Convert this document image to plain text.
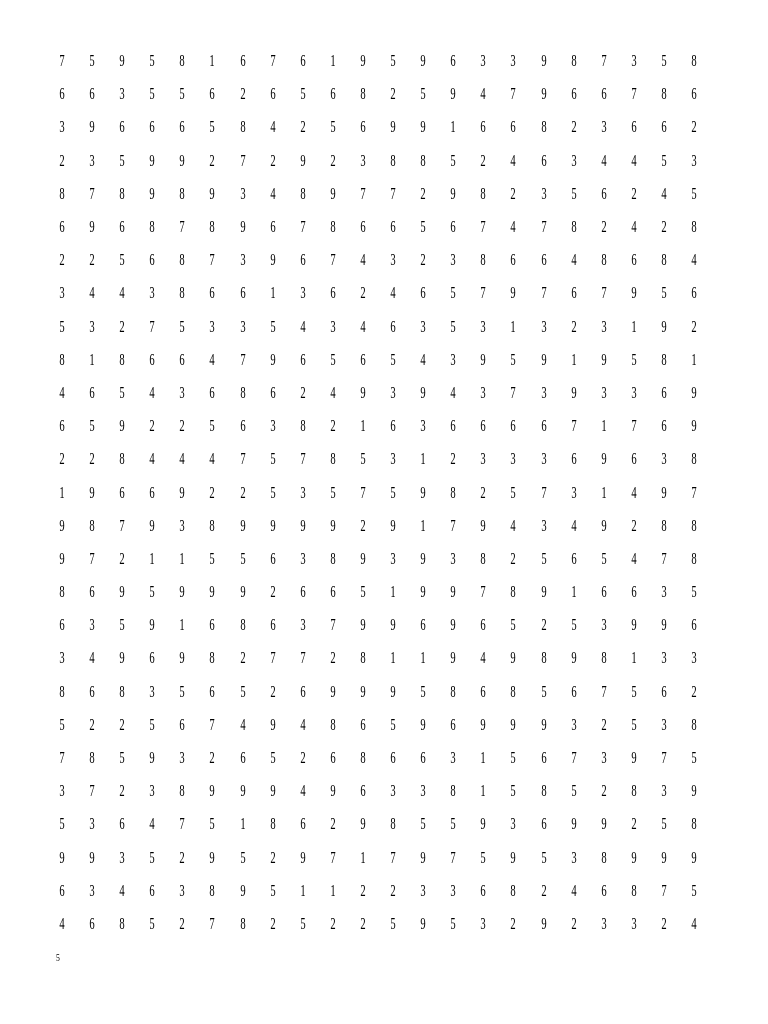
7	5	9	5	8	1	6	7	6	1	9	5	9	6	3	3	9	8	7	3	5	8
6	6	3	5	5	6	2	6	5	6	8	2	5	9	4	7	9	6	6	7	8	6
3	9	6	6	6	5	8	4	2	5	6	9	9	1	6	6	8	2	3	6	6	2
2	3	5	9	9	2	7	2	9	2	3	8	8	5	2	4	6	3	4	4	5	3
8	7	8	9	8	9	3	4	8	9	7	7	2	9	8	2	3	5	6	2	4	5
6	9	6	8	7	8	9	6	7	8	6	6	5	6	7	4	7	8	2	4	2	8
2	2	5	6	8	7	3	9	6	7	4	3	2	3	8	6	6	4	8	6	8	4
3	4	4	3	8	6	6	1	3	6	2	4	6	5	7	9	7	6	7	9	5	6
5	3	2	7	5	3	3	5	4	3	4	6	3	5	3	1	3	2	3	1	9	2
8	1	8	6	6	4	7	9	6	5	6	5	4	3	9	5	9	1	9	5	8	1
4	6	5	4	3	6	8	6	2	4	9	3	9	4	3	7	3	9	3	3	6	9
6	5	9	2	2	5	6	3	8	2	1	6	3	6	6	6	6	7	1	7	6	9
2	2	8	4	4	4	7	5	7	8	5	3	1	2	3	3	3	6	9	6	3	8
1	9	6	6	9	2	2	5	3	5	7	5	9	8	2	5	7	3	1	4	9	7
9	8	7	9	3	8	9	9	9	9	2	9	1	7	9	4	3	4	9	2	8	8
9	7	2	1	1	5	5	6	3	8	9	3	9	3	8	2	5	6	5	4	7	8
8	6	9	5	9	9	9	2	6	6	5	1	9	9	7	8	9	1	6	6	3	5
6	3	5	9	1	6	8	6	3	7	9	9	6	9	6	5	2	5	3	9	9	6
3	4	9	6	9	8	2	7	7	2	8	1	1	9	4	9	8	9	8	1	3	3
8	6	8	3	5	6	5	2	6	9	9	9	5	8	6	8	5	6	7	5	6	2
5	2	2	5	6	7	4	9	4	8	6	5	9	6	9	9	9	3	2	5	3	8
7	8	5	9	3	2	6	5	2	6	8	6	6	3	1	5	6	7	3	9	7	5
3	7	2	3	8	9	9	9	4	9	6	3	3	8	1	5	8	5	2	8	3	9
5	3	6	4	7	5	1	8	6	2	9	8	5	5	9	3	6	9	9	2	5	8
9	9	3	5	2	9	5	2	9	7	1	7	9	7	5	9	5	3	8	9	9	9
6	3	4	6	3	8	9	5	1	1	2	2	3	3	6	8	2	4	6	8	7	5
4	6	8	5	2	7	8	2	5	2	2	5	9	5	3	2	9	2	3	3	2	4
5
